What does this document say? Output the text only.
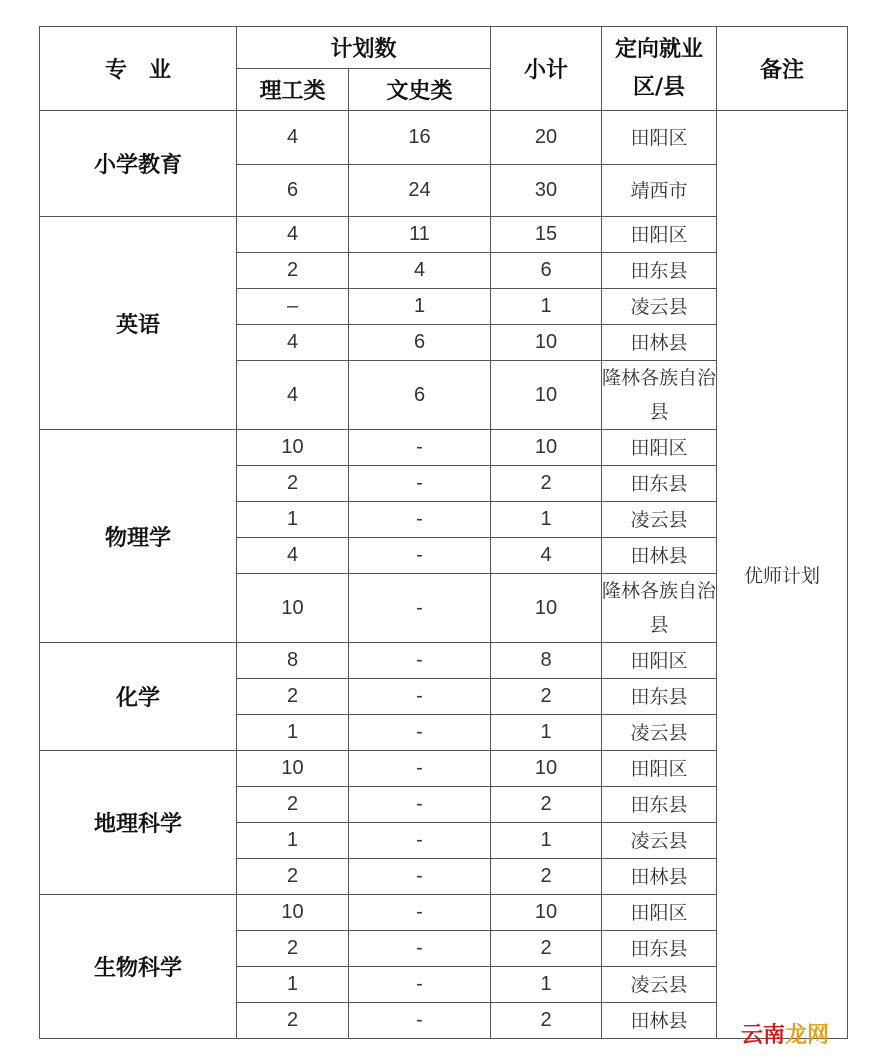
专　业	计划数		小计	定向就业区/县	备注
	理工类	文史类			
小学教育	4	16	20	田阳区	优师计划
	6	24	30	靖西市	
英语	4	11	15	田阳区	
	2	4	6	田东县	
	–	1	1	凌云县	
	4	6	10	田林县	
	4	6	10	隆林各族自治县	
物理学	10	-	10	田阳区	
	2	-	2	田东县	
	1	-	1	凌云县	
	4	-	4	田林县	
	10	-	10	隆林各族自治县	
化学	8	-	8	田阳区	
	2	-	2	田东县	
	1	-	1	凌云县	
地理科学	10	-	10	田阳区	
	2	-	2	田东县	
	1	-	1	凌云县	
	2	-	2	田林县	
生物科学	10	-	10	田阳区	
	2	-	2	田东县	
	1	-	1	凌云县	
	2	-	2	田林县	
云南龙网
